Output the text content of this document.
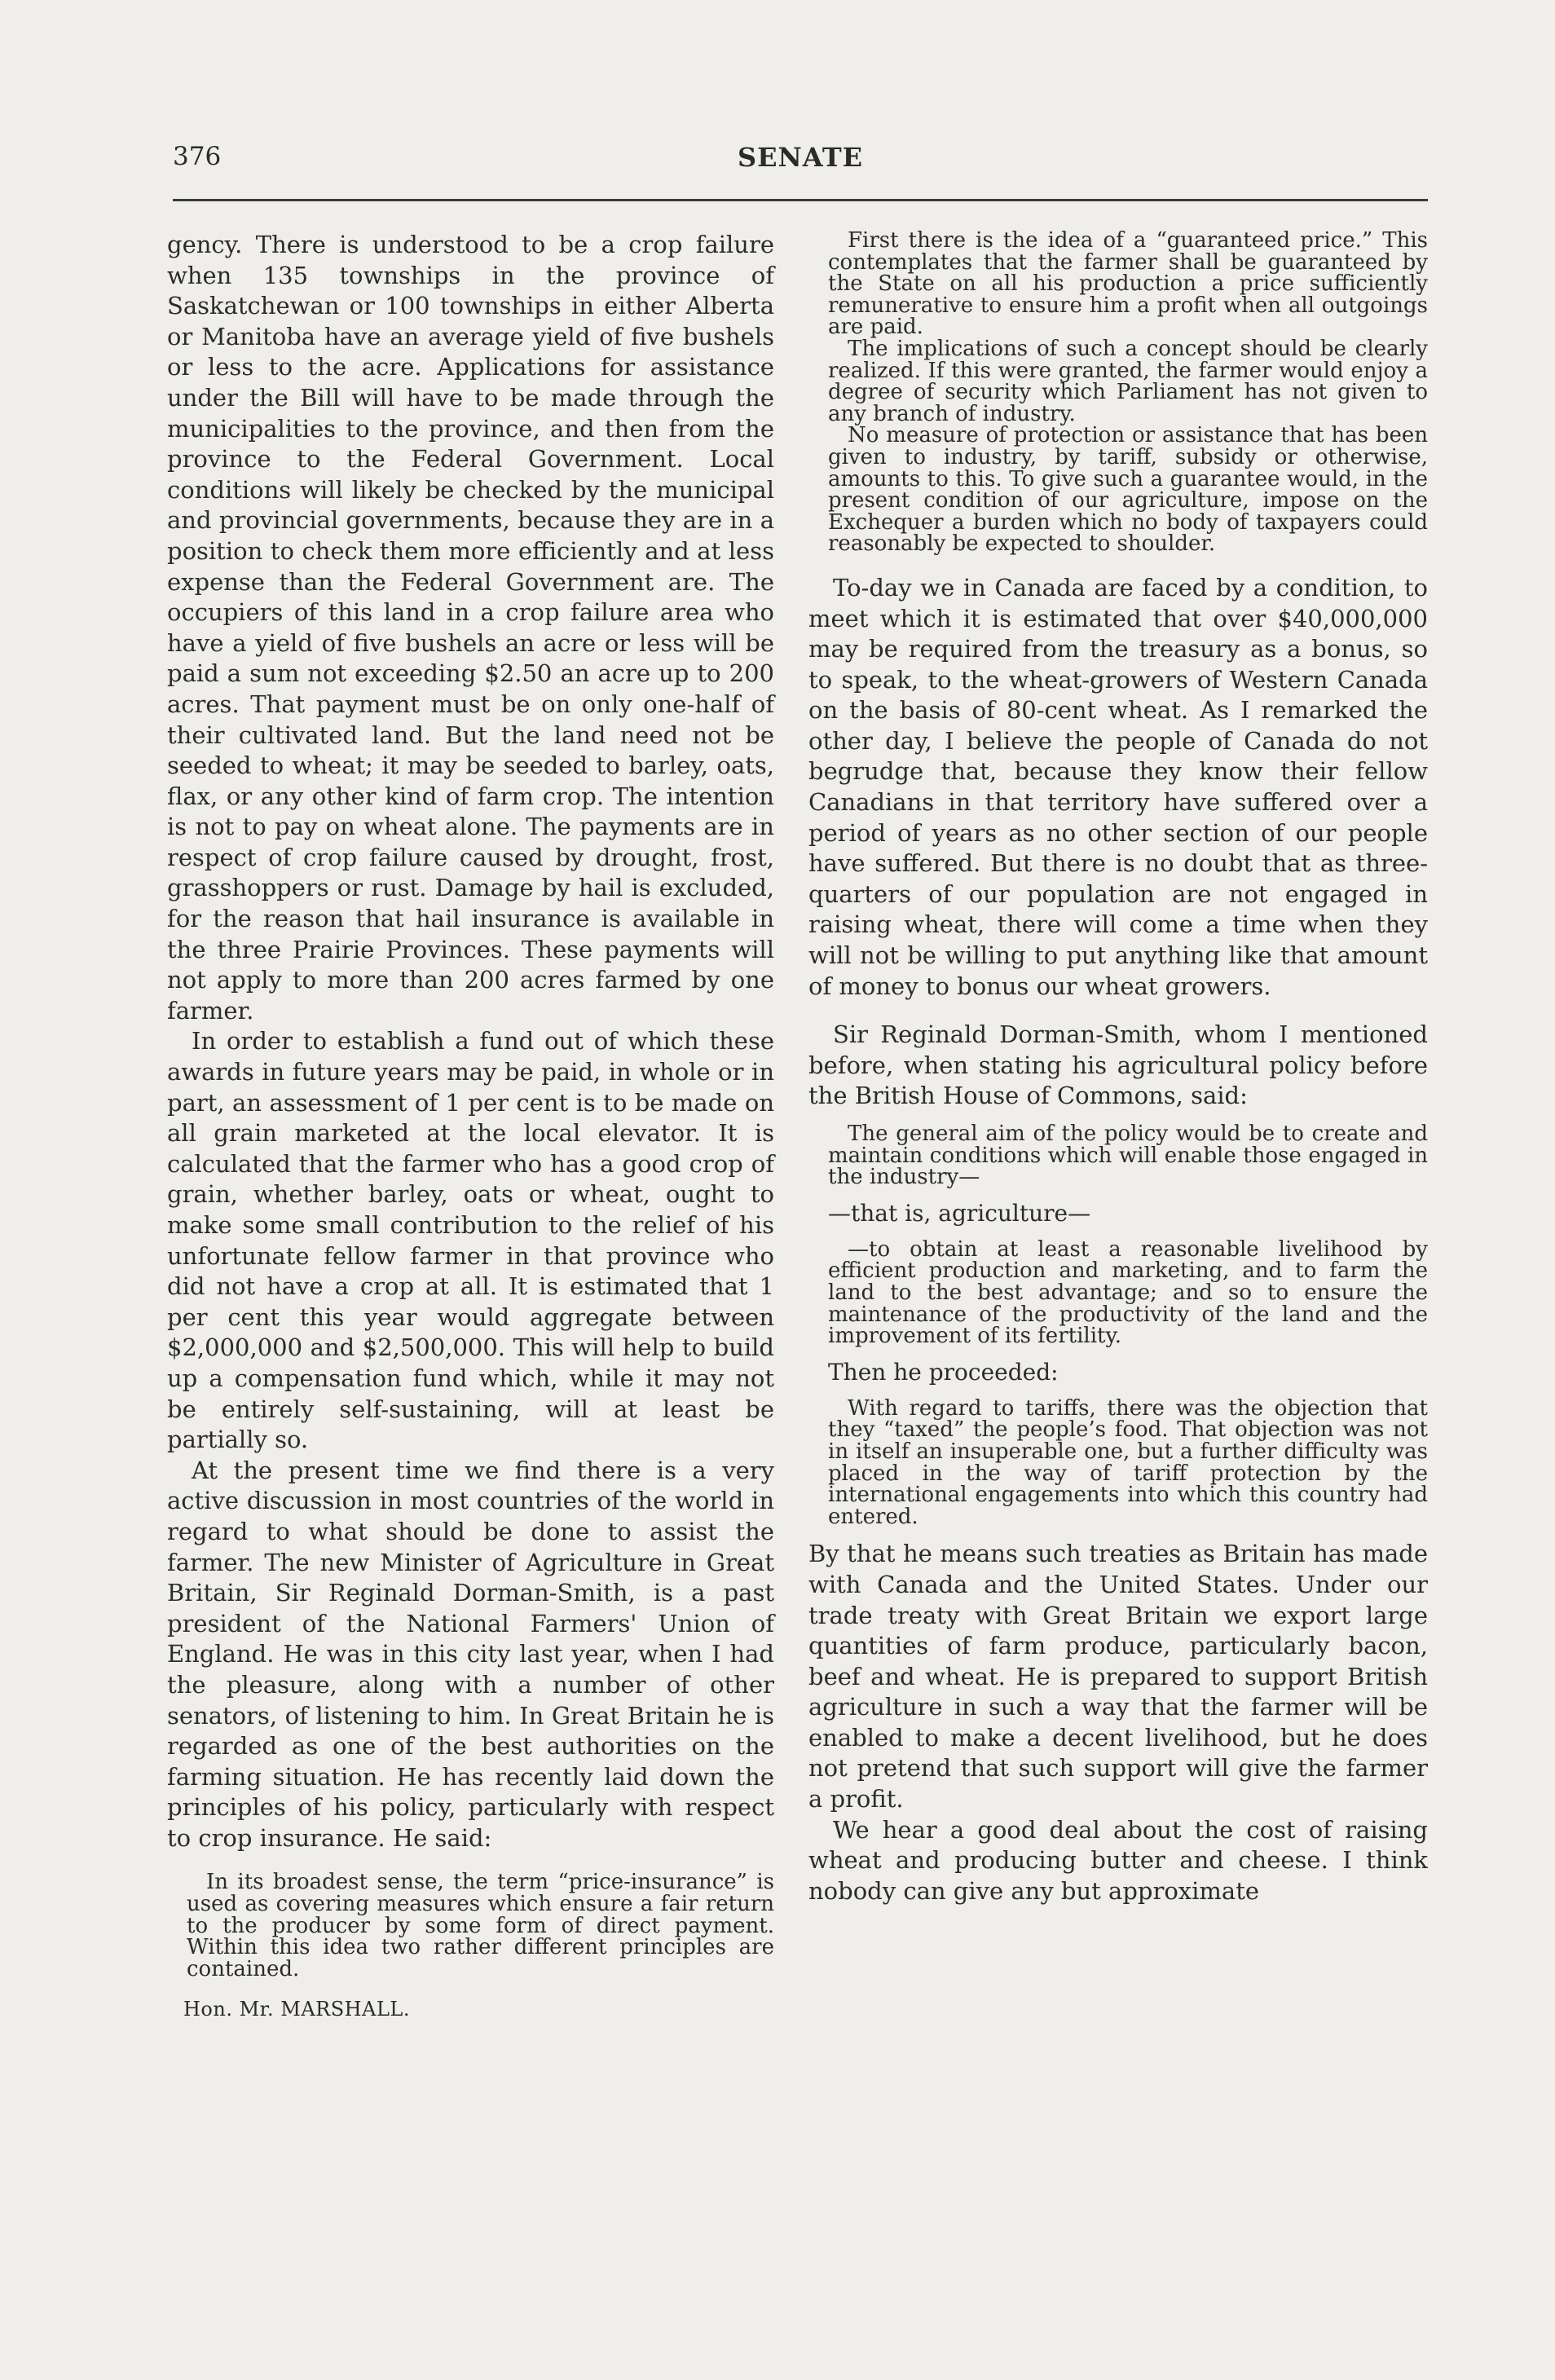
376	SENATE

gency. There is understood to be a crop failure when 135 townships in the province of Saskatchewan or 100 townships in either Alberta or Manitoba have an average yield of five bushels or less to the acre. Applications for assistance under the Bill will have to be made through the municipalities to the province, and then from the province to the Federal Government. Local conditions will likely be checked by the municipal and provincial governments, because they are in a position to check them more efficiently and at less expense than the Federal Government are. The occupiers of this land in a crop failure area who have a yield of five bushels an acre or less will be paid a sum not exceeding $2.50 an acre up to 200 acres. That payment must be on only one-half of their cultivated land. But the land need not be seeded to wheat; it may be seeded to barley, oats, flax, or any other kind of farm crop. The intention is not to pay on wheat alone. The payments are in respect of crop failure caused by drought, frost, grasshoppers or rust. Damage by hail is excluded, for the reason that hail insurance is available in the three Prairie Provinces. These payments will not apply to more than 200 acres farmed by one farmer.

In order to establish a fund out of which these awards in future years may be paid, in whole or in part, an assessment of 1 per cent is to be made on all grain marketed at the local elevator. It is calculated that the farmer who has a good crop of grain, whether barley, oats or wheat, ought to make some small contribution to the relief of his unfortunate fellow farmer in that province who did not have a crop at all. It is estimated that 1 per cent this year would aggregate between $2,000,000 and $2,500,000. This will help to build up a compensation fund which, while it may not be entirely self-sustaining, will at least be partially so.

At the present time we find there is a very active discussion in most countries of the world in regard to what should be done to assist the farmer. The new Minister of Agriculture in Great Britain, Sir Reginald Dorman-Smith, is a past president of the National Farmers' Union of England. He was in this city last year, when I had the pleasure, along with a number of other senators, of listening to him. In Great Britain he is regarded as one of the best authorities on the farming situation. He has recently laid down the principles of his policy, particularly with respect to crop insurance. He said:

In its broadest sense, the term “price-insurance” is used as covering measures which ensure a fair return to the producer by some form of direct payment. Within this idea two rather different principles are contained.

Hon. Mr. MARSHALL.

First there is the idea of a “guaranteed price.” This contemplates that the farmer shall be guaranteed by the State on all his production a price sufficiently remunerative to ensure him a profit when all outgoings are paid.

The implications of such a concept should be clearly realized. If this were granted, the farmer would enjoy a degree of security which Parliament has not given to any branch of industry.

No measure of protection or assistance that has been given to industry, by tariff, subsidy or otherwise, amounts to this. To give such a guarantee would, in the present condition of our agriculture, impose on the Exchequer a burden which no body of taxpayers could reasonably be expected to shoulder.

To-day we in Canada are faced by a condition, to meet which it is estimated that over $40,000,000 may be required from the treasury as a bonus, so to speak, to the wheat-growers of Western Canada on the basis of 80-cent wheat. As I remarked the other day, I believe the people of Canada do not begrudge that, because they know their fellow Canadians in that territory have suffered over a period of years as no other section of our people have suffered. But there is no doubt that as three-quarters of our population are not engaged in raising wheat, there will come a time when they will not be willing to put anything like that amount of money to bonus our wheat growers.

Sir Reginald Dorman-Smith, whom I mentioned before, when stating his agricultural policy before the British House of Commons, said:

The general aim of the policy would be to create and maintain conditions which will enable those engaged in the industry—

—that is, agriculture—

—to obtain at least a reasonable livelihood by efficient production and marketing, and to farm the land to the best advantage; and so to ensure the maintenance of the productivity of the land and the improvement of its fertility.

Then he proceeded:

With regard to tariffs, there was the objection that they “taxed” the people’s food. That objection was not in itself an insuperable one, but a further difficulty was placed in the way of tariff protection by the international engagements into which this country had entered.

By that he means such treaties as Britain has made with Canada and the United States. Under our trade treaty with Great Britain we export large quantities of farm produce, particularly bacon, beef and wheat. He is prepared to support British agriculture in such a way that the farmer will be enabled to make a decent livelihood, but he does not pretend that such support will give the farmer a profit.

We hear a good deal about the cost of raising wheat and producing butter and cheese. I think nobody can give any but approximate
